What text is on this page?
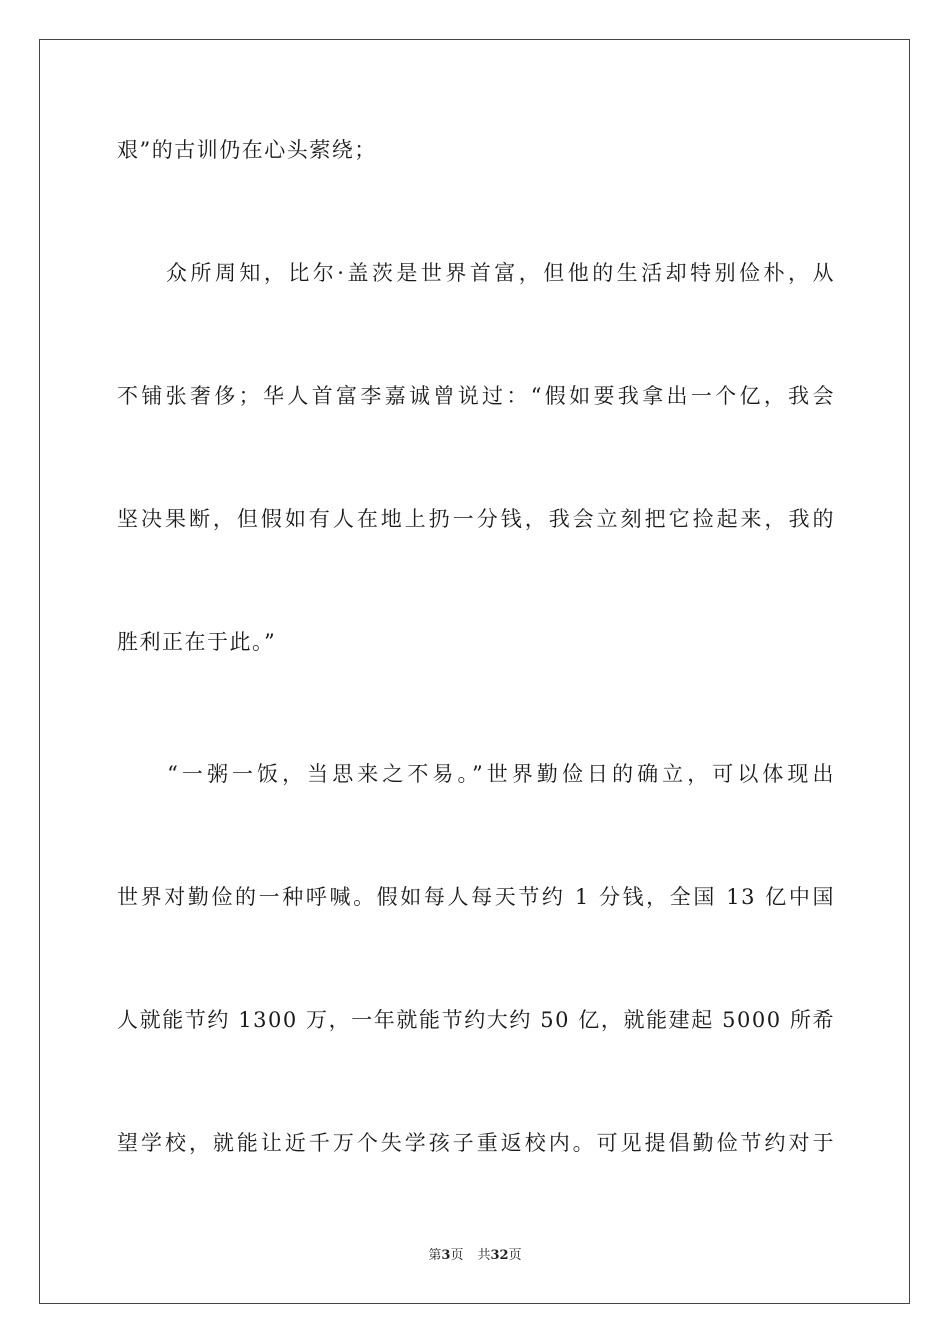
艰”的古训仍在心头萦绕；
　　众所周知，比尔·盖茨是世界首富，但他的生活却特别俭朴，从
不铺张奢侈；华人首富李嘉诚曾说过：“假如要我拿出一个亿，我会
坚决果断，但假如有人在地上扔一分钱，我会立刻把它捡起来，我的
胜利正在于此。”
　　“一粥一饭，当思来之不易。”世界勤俭日的确立，可以体现出
世界对勤俭的一种呼喊。假如每人每天节约 1 分钱，全国 13 亿中国
人就能节约 1300 万，一年就能节约大约 50 亿，就能建起 5000 所希
望学校，就能让近千万个失学孩子重返校内。可见提倡勤俭节约对于
第3页 共32页
